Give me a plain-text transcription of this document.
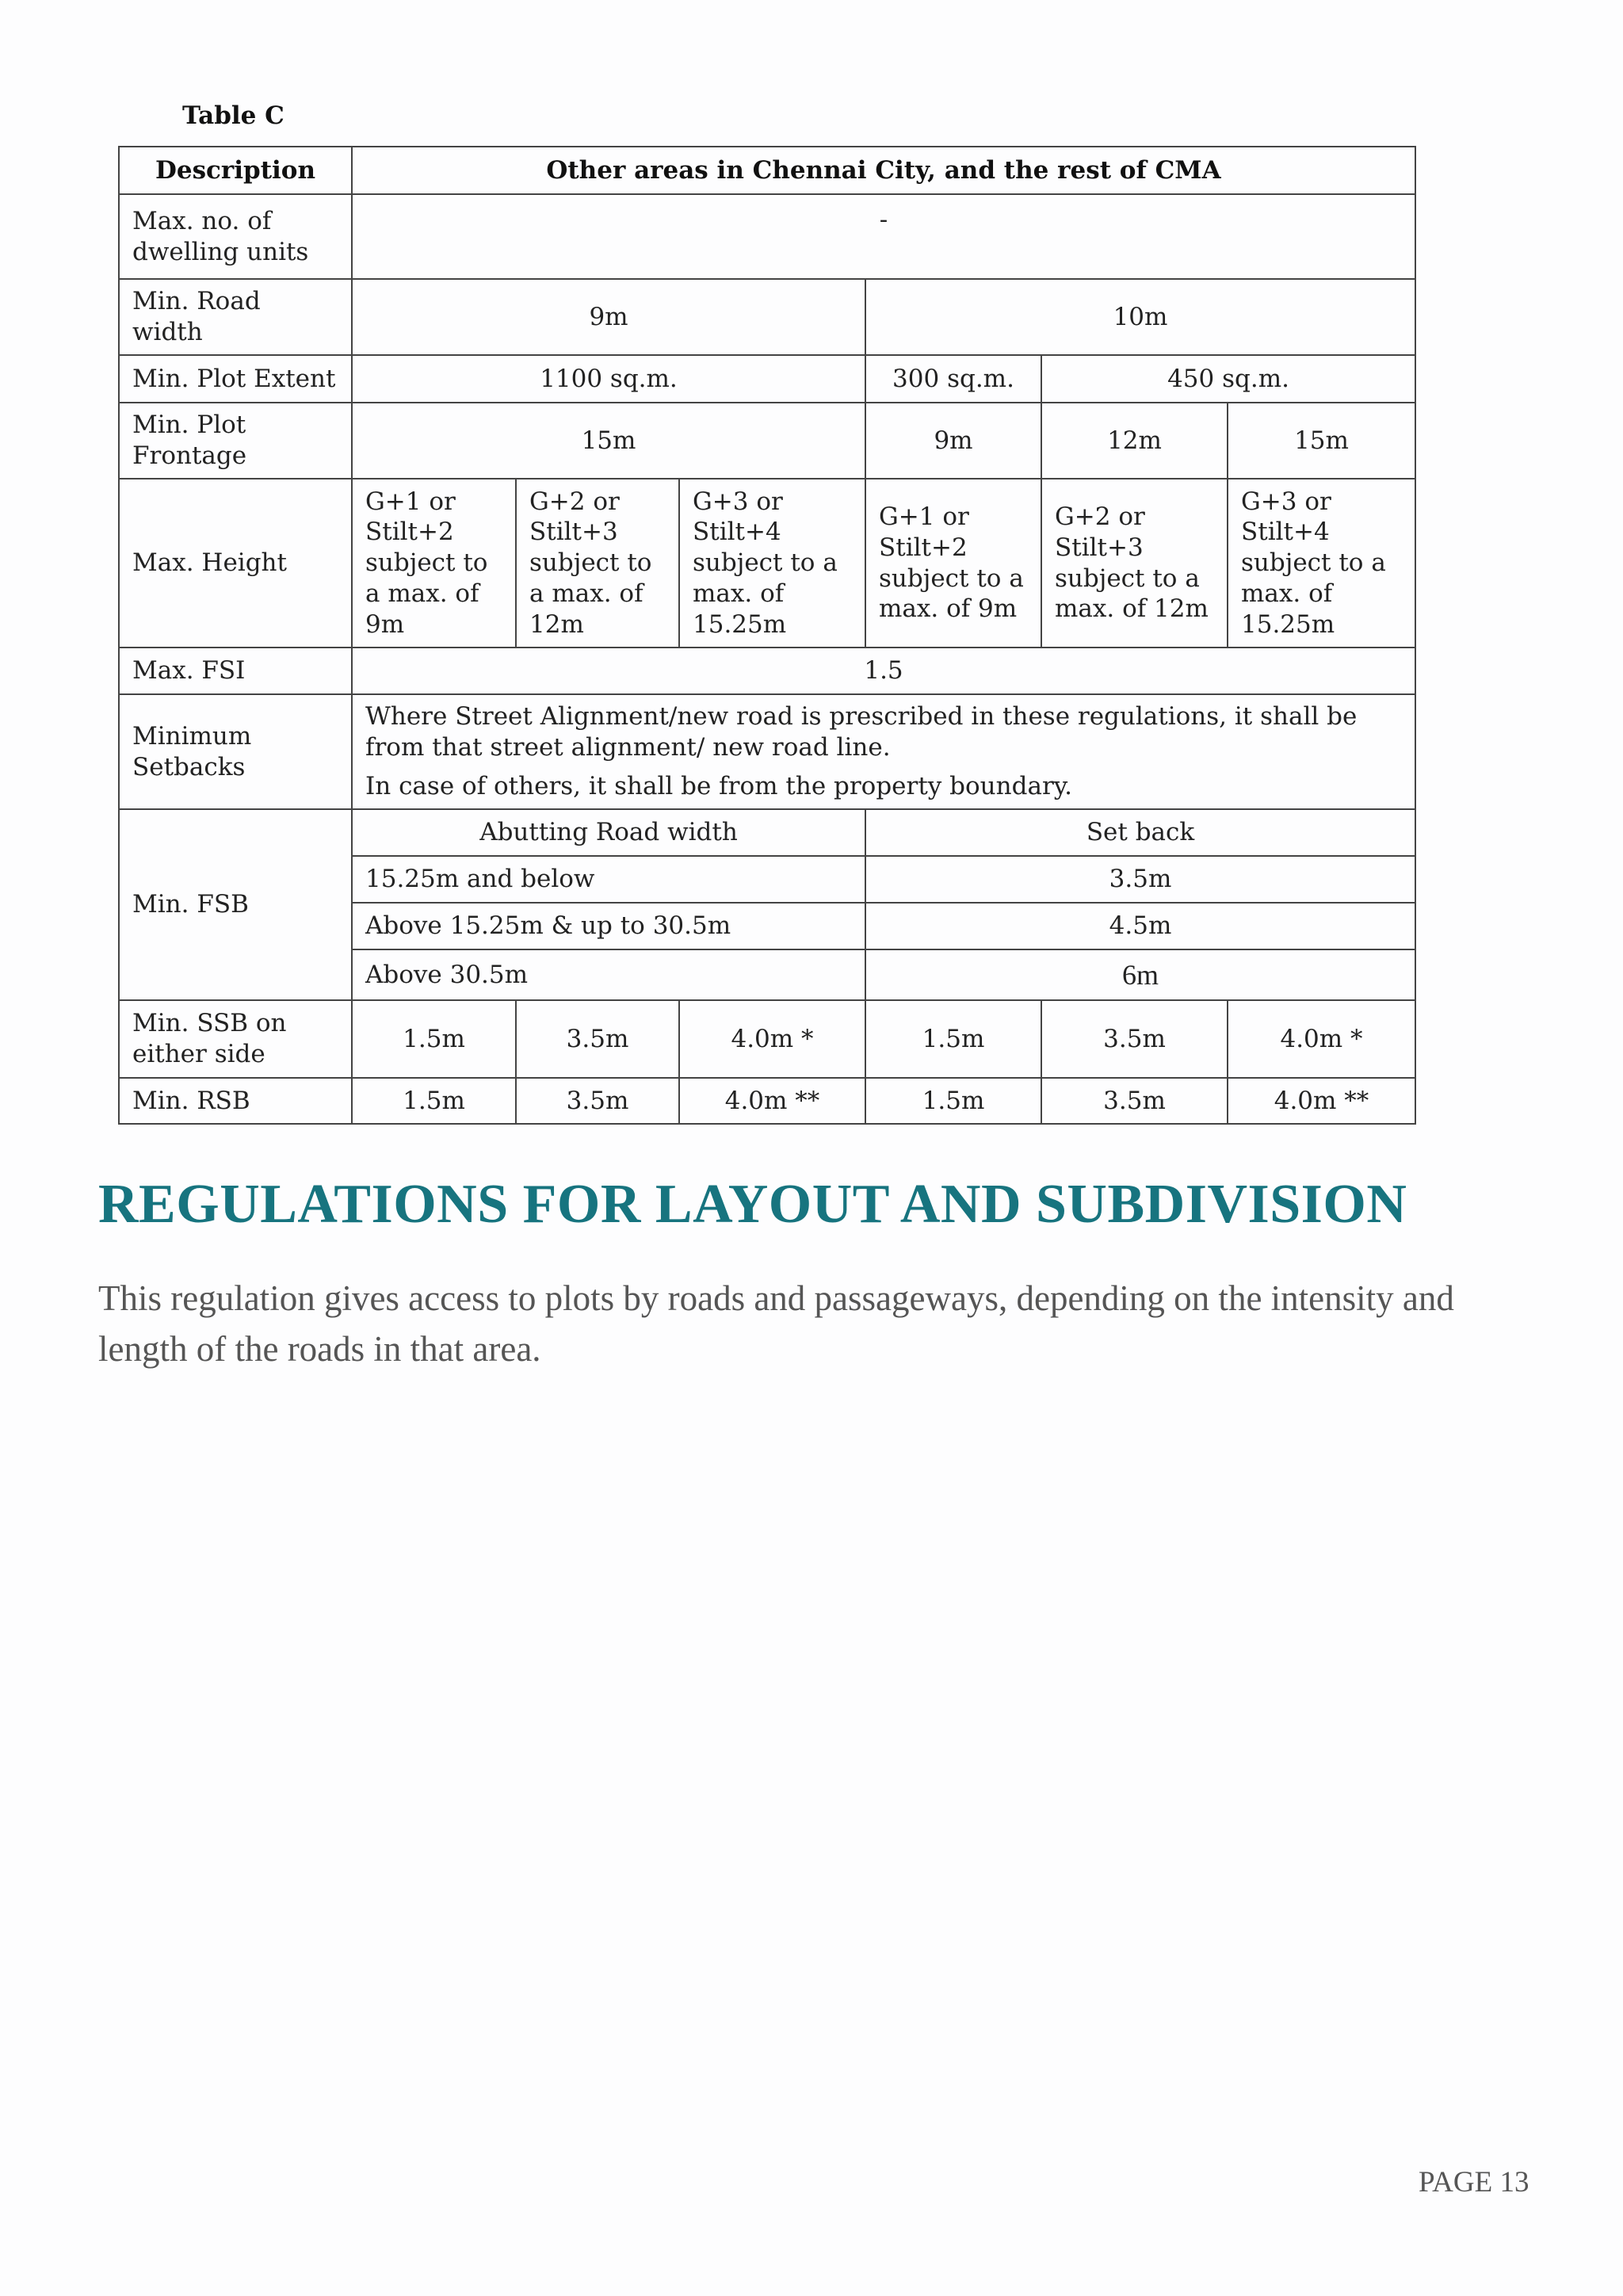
Table C
Description	Other areas in Chennai City, and the rest of CMA					
Max. no. of dwelling units	-					
Min. Road width	9m			10m		
Min. Plot Extent	1100 sq.m.			300 sq.m.	450 sq.m.	
Min. Plot Frontage	15m			9m	12m	15m
Max. Height	G+1 or Stilt+2 subject to a max. of 9m	G+2 or Stilt+3 subject to a max. of 12m	G+3 or Stilt+4 subject to a max. of 15.25m	G+1 or Stilt+2 subject to a max. of 9m	G+2 or Stilt+3 subject to a max. of 12m	G+3 or Stilt+4 subject to a max. of 15.25m
Max. FSI	1.5					
Minimum Setbacks	Where Street Alignment/new road is prescribed in these regulations, it shall be from that street alignment/ new road line.

In case of others, it shall be from the property boundary.					

Min. FSB	Abutting Road width			Set back		
	15.25m and below			3.5m		
	Above 15.25m & up to 30.5m			4.5m		
	Above 30.5m			6m		
Min. SSB on either side	1.5m	3.5m	4.0m *	1.5m	3.5m	4.0m *
Min. RSB	1.5m	3.5m	4.0m **	1.5m	3.5m	4.0m **
REGULATIONS FOR LAYOUT AND SUBDIVISION
This regulation gives access to plots by roads and passageways, depending on the intensity and length of the roads in that area.
PAGE 13
